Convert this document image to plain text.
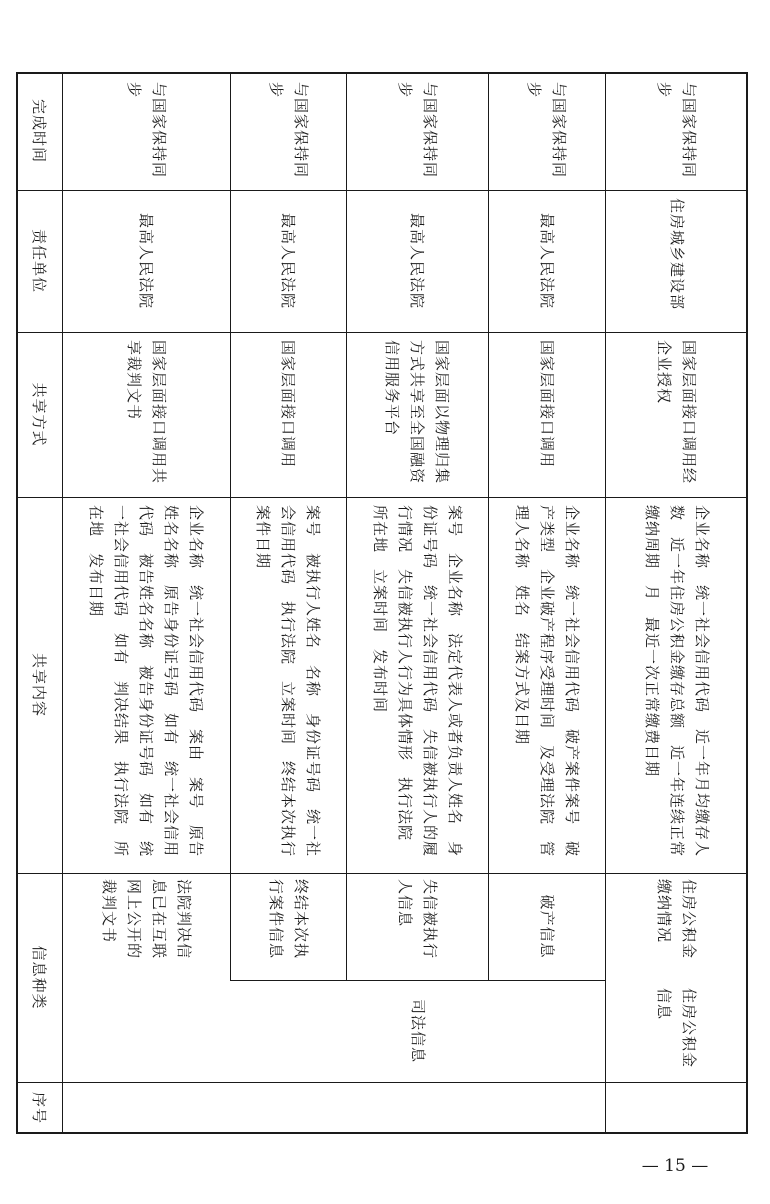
完成时间
责任单位
共享方式
共享内容
信息种类
序号
与国家保持同步
最高人民法院
国家层面接口调用共享裁判文书
企业名称　统一社会信用代码　案由　案号　原告姓名名称　原告身份证号码　如有　统一社会信用代码　被告姓名名称　被告身份证号码　如有　统一社会信用代码　如有　判决结果　执行法院　所在地　发布日期
法院判决信息已在互联网上公开的裁判文书
与国家保持同步
最高人民法院
国家层面接口调用
案号　被执行人姓名　名称　身份证号码　统一社会信用代码　执行法院　立案时间　终结本次执行案件日期
终结本次执行案件信息
与国家保持同步
最高人民法院
国家层面以物理归集方式共享至全国融资信用服务平台
案号　企业名称　法定代表人或者负责人姓名　身份证号码　统一社会信用代码　失信被执行人的履行情况　失信被执行人行为具体情形　执行法院　所在地　立案时间　发布时间
失信被执行人信息
与国家保持同步
最高人民法院
国家层面接口调用
企业名称　统一社会信用代码　破产案件案号　破产类型　企业破产程序受理时间　及受理法院　管理人名称　姓名　结案方式及日期
破产信息
司法信息
与国家保持同步
住房城乡建设部
国家层面接口调用经企业授权
企业名称　统一社会信用代码　近一年月均缴存人数　近一年住房公积金缴存总额　近一年连续正常缴纳周期　月　最近一次正常缴费日期
住房公积金缴纳情况
住房公积金信息
— 15 —
